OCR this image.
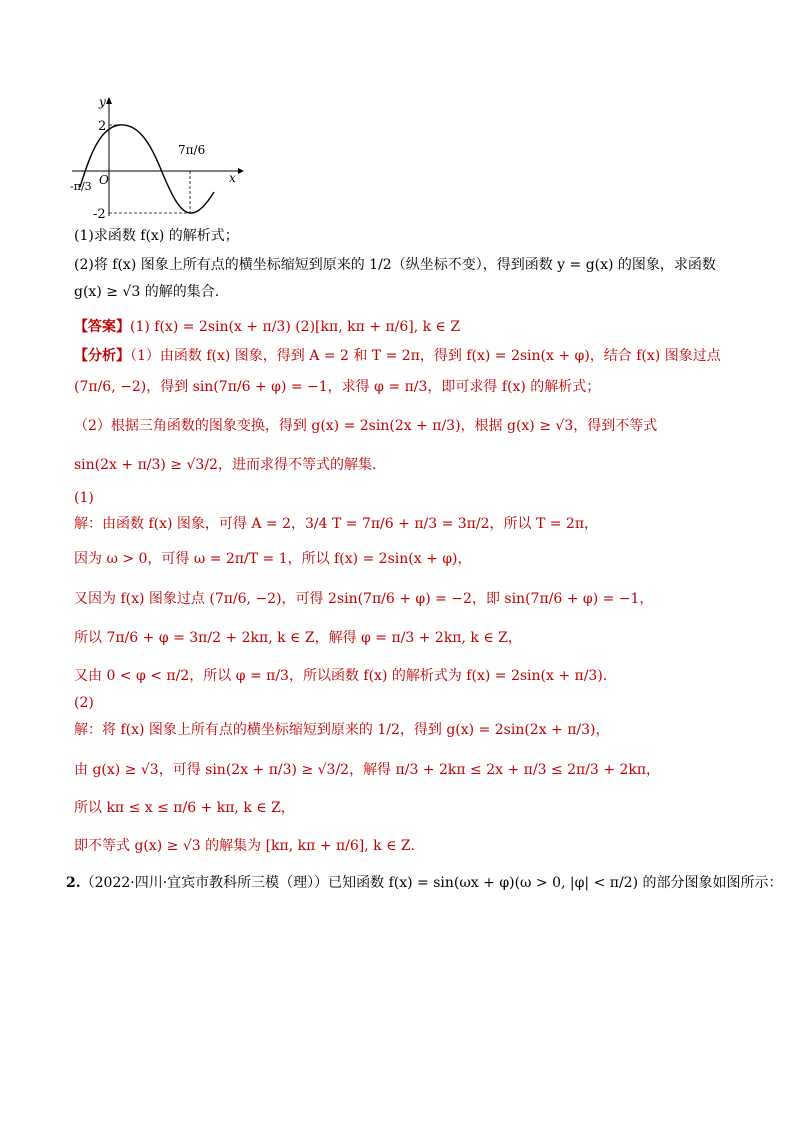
y
x
O
2
-2
-π/3
7π/6
(1)求函数 f(x) 的解析式；
(2)将 f(x) 图象上所有点的横坐标缩短到原来的 1/2（纵坐标不变），得到函数 y = g(x) 的图象，求函数
g(x) ≥ √3 的解的集合.
【答案】(1) f(x) = 2sin(x + π/3) (2)[kπ, kπ + π/6], k ∈ Z
【分析】（1）由函数 f(x) 图象，得到 A = 2 和 T = 2π，得到 f(x) = 2sin(x + φ)，结合 f(x) 图象过点
(7π/6, −2)，得到 sin(7π/6 + φ) = −1，求得 φ = π/3，即可求得 f(x) 的解析式；
（2）根据三角函数的图象变换，得到 g(x) = 2sin(2x + π/3)，根据 g(x) ≥ √3，得到不等式
sin(2x + π/3) ≥ √3/2，进而求得不等式的解集.
(1)
解：由函数 f(x) 图象，可得 A = 2，3/4 T = 7π/6 + π/3 = 3π/2，所以 T = 2π，
因为 ω > 0，可得 ω = 2π/T = 1，所以 f(x) = 2sin(x + φ)，
又因为 f(x) 图象过点 (7π/6, −2)，可得 2sin(7π/6 + φ) = −2，即 sin(7π/6 + φ) = −1，
所以 7π/6 + φ = 3π/2 + 2kπ, k ∈ Z，解得 φ = π/3 + 2kπ, k ∈ Z，
又由 0 < φ < π/2，所以 φ = π/3，所以函数 f(x) 的解析式为 f(x) = 2sin(x + π/3).
(2)
解：将 f(x) 图象上所有点的横坐标缩短到原来的 1/2，得到 g(x) = 2sin(2x + π/3)，
由 g(x) ≥ √3，可得 sin(2x + π/3) ≥ √3/2，解得 π/3 + 2kπ ≤ 2x + π/3 ≤ 2π/3 + 2kπ，
所以 kπ ≤ x ≤ π/6 + kπ, k ∈ Z，
即不等式 g(x) ≥ √3 的解集为 [kπ, kπ + π/6], k ∈ Z.
2.（2022·四川·宜宾市教科所三模（理））已知函数 f(x) = sin(ωx + φ)(ω > 0, |φ| < π/2) 的部分图象如图所示：
